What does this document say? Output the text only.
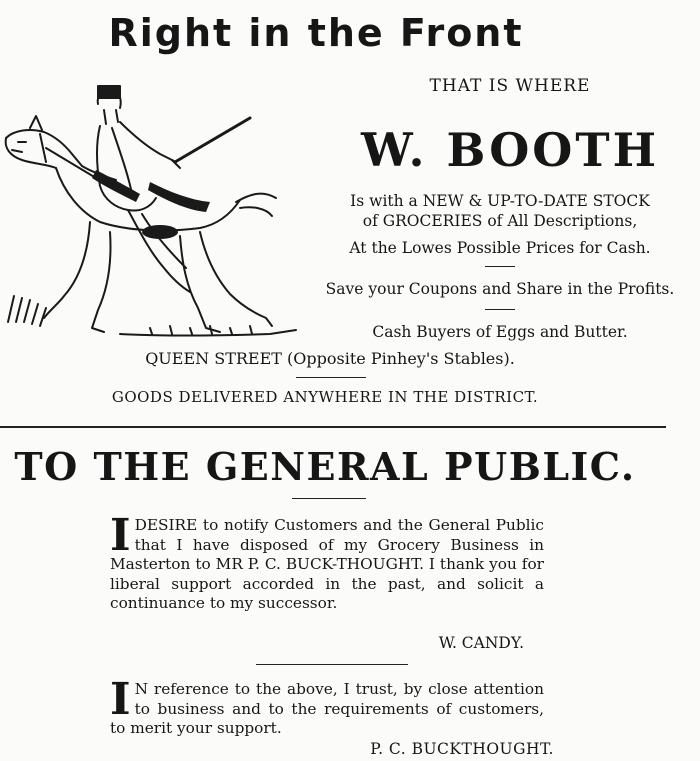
Right in the Front
THAT IS WHERE
W. BOOTH
Is with a NEW & UP-TO-DATE STOCK
of GROCERIES of All Descriptions,
At the Lowes Possible Prices for Cash.
Save your Coupons and Share in the Profits.
Cash Buyers of Eggs and Butter.
QUEEN STREET (Opposite Pinhey's Stables).
GOODS DELIVERED ANYWHERE IN THE DISTRICT.
TO THE GENERAL PUBLIC.
I DESIRE to notify Customers and the General Public that I have disposed of my Grocery Business in Masterton to MR P. C. BUCK-THOUGHT. I thank you for liberal support accorded in the past, and solicit a continuance to my successor.
W. CANDY.
I N reference to the above, I trust, by close attention to business and to the requirements of customers, to merit your support.
P. C. BUCKTHOUGHT.
